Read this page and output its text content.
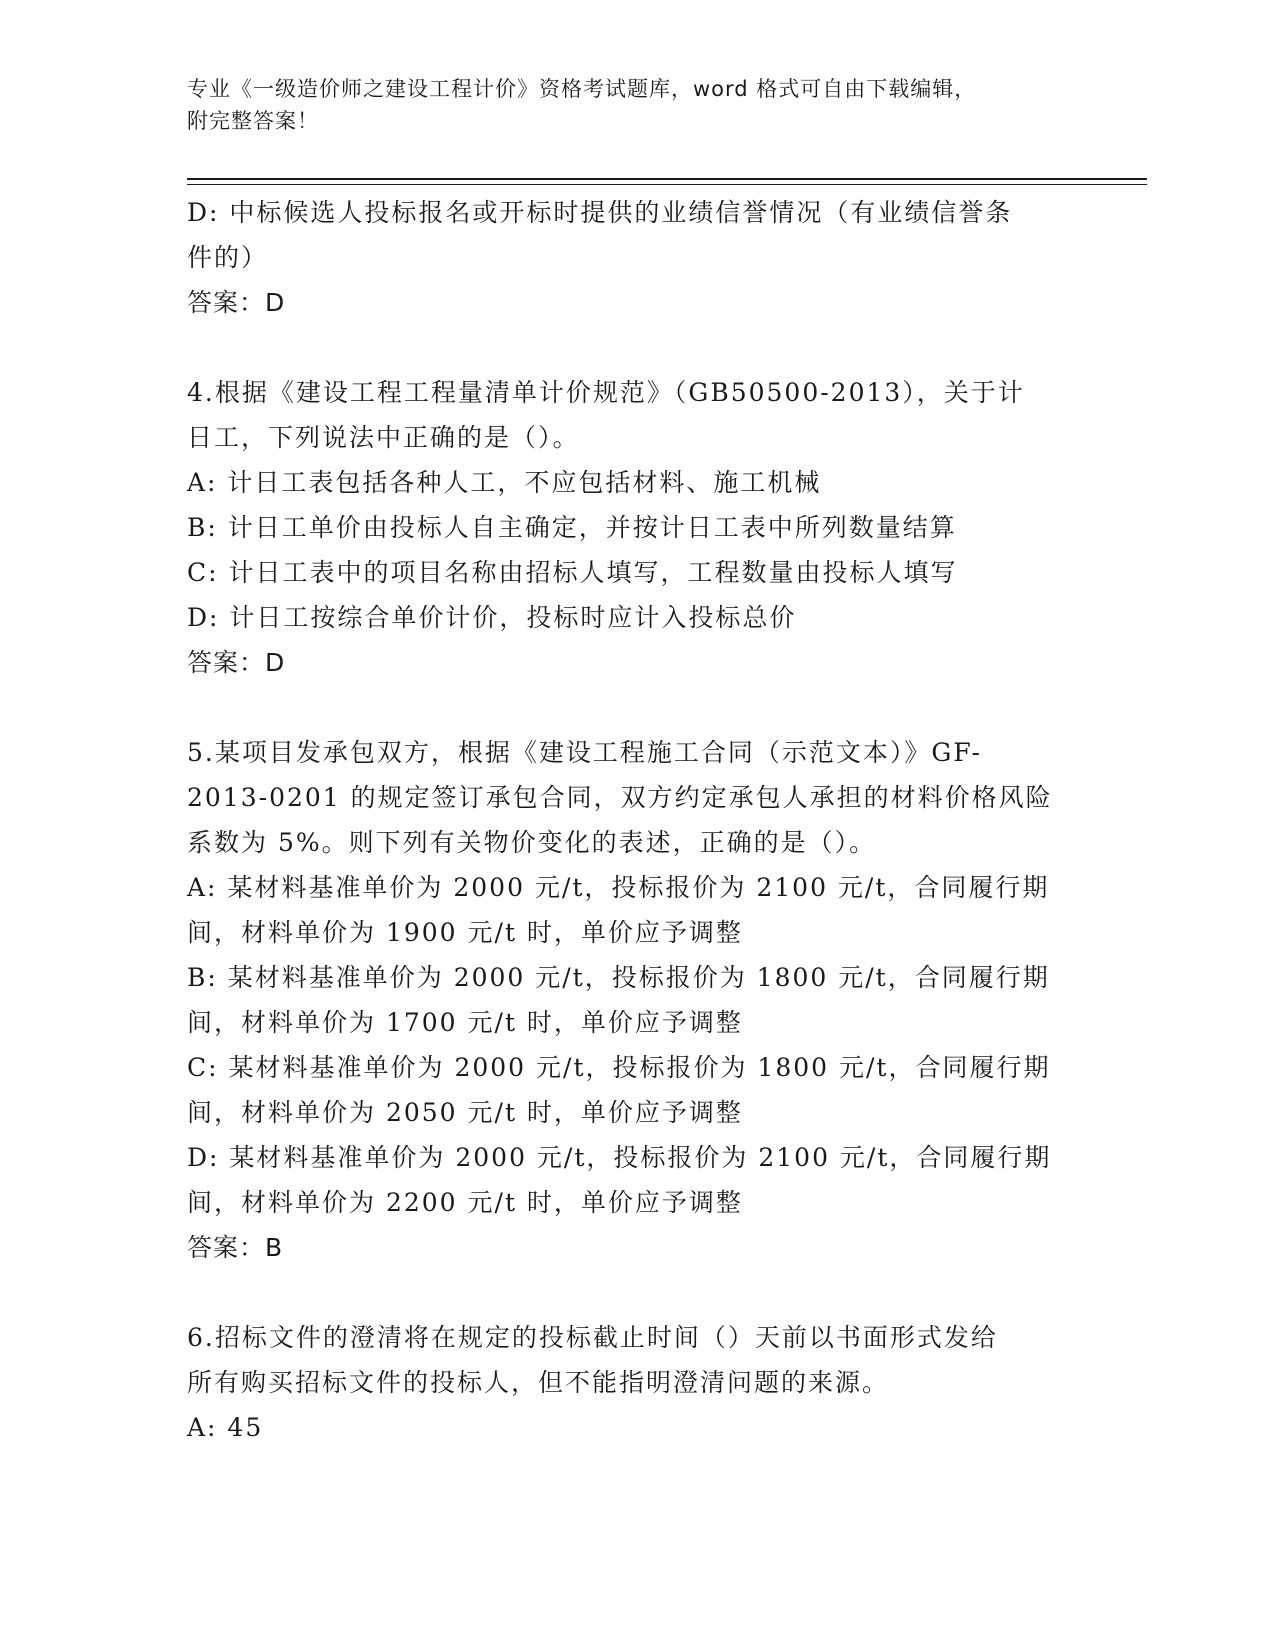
专业《一级造价师之建设工程计价》资格考试题库，word 格式可自由下载编辑，
附完整答案！
D: 中标候选人投标报名或开标时提供的业绩信誉情况（有业绩信誉条
件的）
答案：D
4.根据《建设工程工程量清单计价规范》（GB50500-2013），关于计
日工，下列说法中正确的是（）。
A: 计日工表包括各种人工，不应包括材料、施工机械
B: 计日工单价由投标人自主确定，并按计日工表中所列数量结算
C: 计日工表中的项目名称由招标人填写，工程数量由投标人填写
D: 计日工按综合单价计价，投标时应计入投标总价
答案：D
5.某项目发承包双方，根据《建设工程施工合同（示范文本）》GF-
2013-0201 的规定签订承包合同，双方约定承包人承担的材料价格风险
系数为 5%。则下列有关物价变化的表述，正确的是（）。
A: 某材料基准单价为 2000 元/t，投标报价为 2100 元/t，合同履行期
间，材料单价为 1900 元/t 时，单价应予调整
B: 某材料基准单价为 2000 元/t，投标报价为 1800 元/t，合同履行期
间，材料单价为 1700 元/t 时，单价应予调整
C: 某材料基准单价为 2000 元/t，投标报价为 1800 元/t，合同履行期
间，材料单价为 2050 元/t 时，单价应予调整
D: 某材料基准单价为 2000 元/t，投标报价为 2100 元/t，合同履行期
间，材料单价为 2200 元/t 时，单价应予调整
答案：B
6.招标文件的澄清将在规定的投标截止时间（）天前以书面形式发给
所有购买招标文件的投标人，但不能指明澄清问题的来源。
A: 45
